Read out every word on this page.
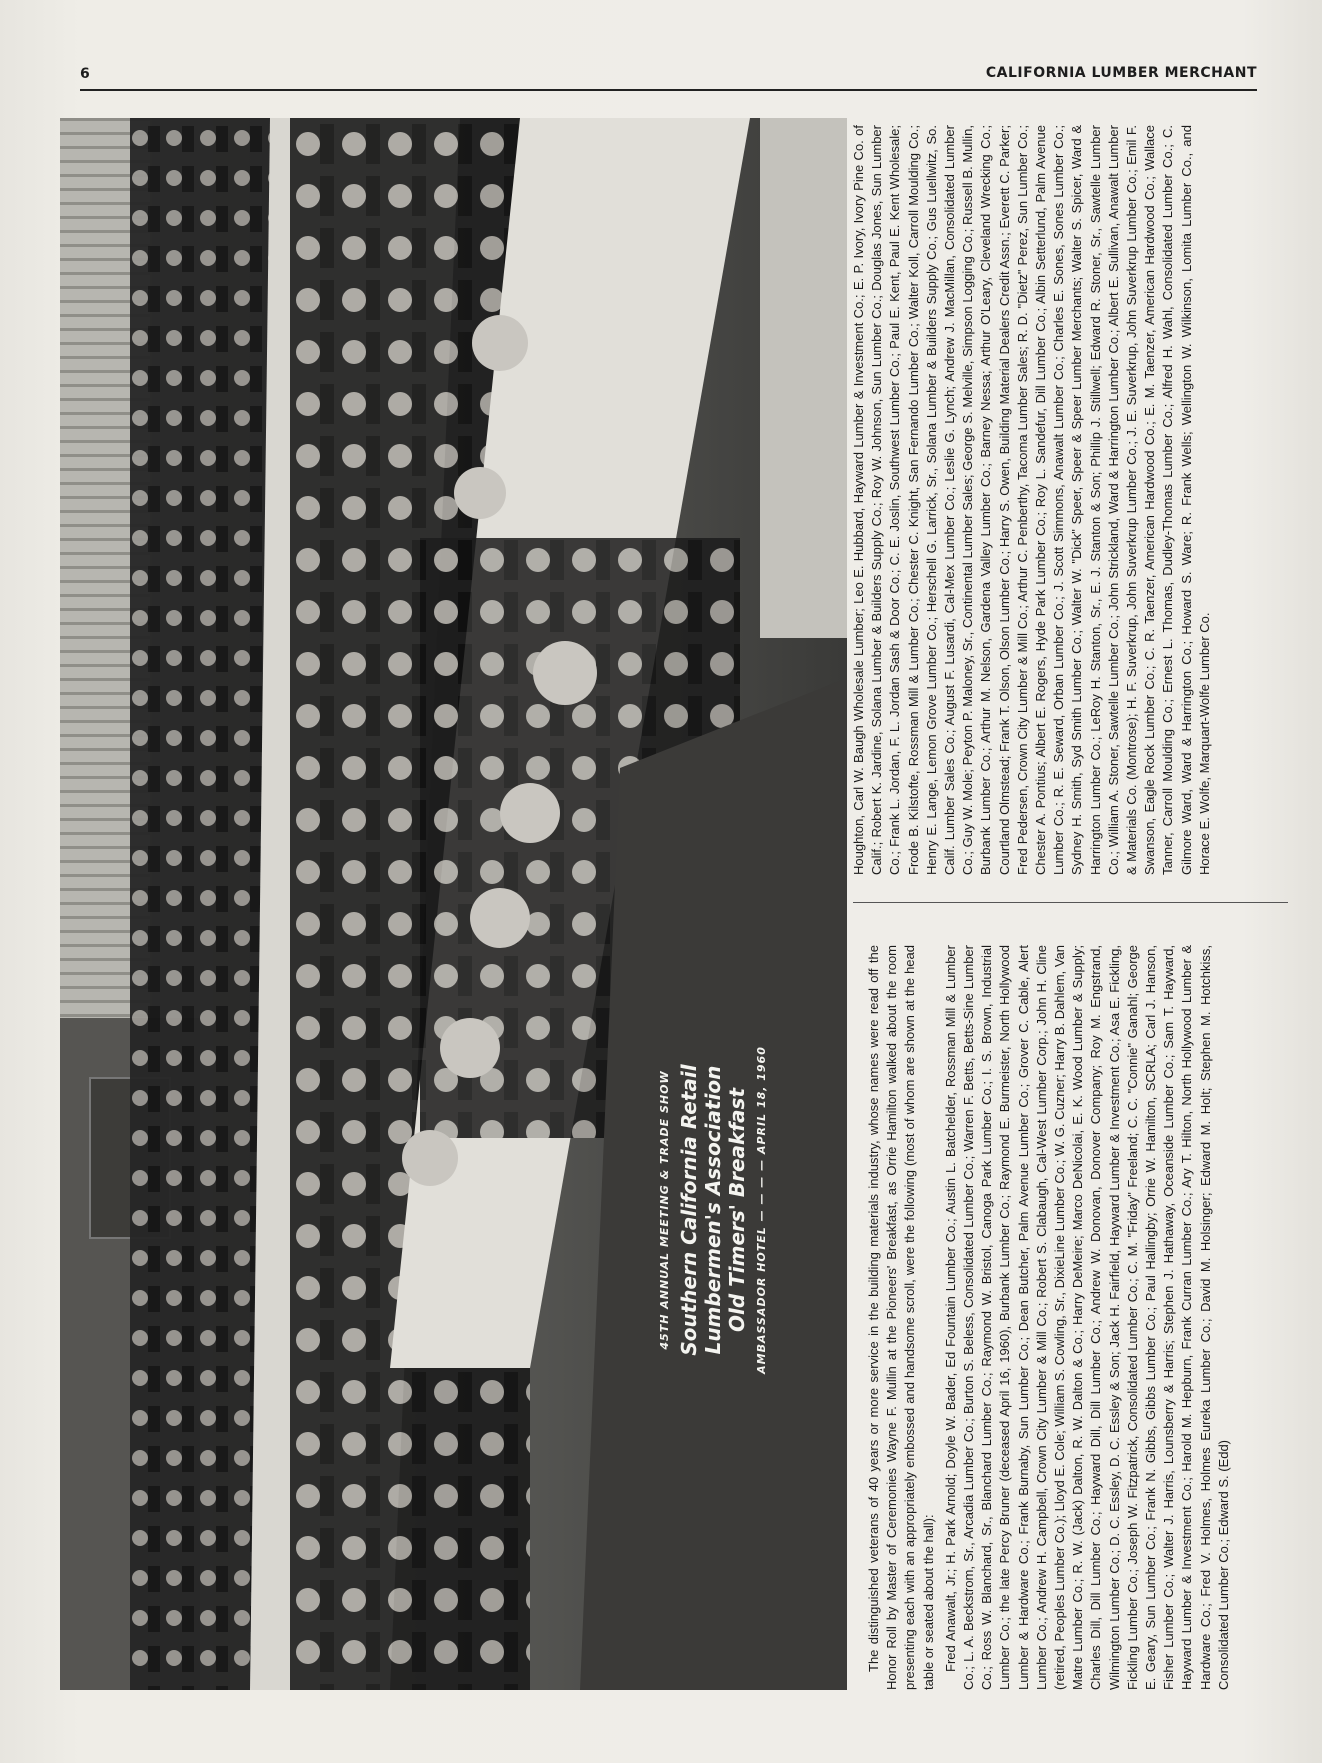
6	CALIFORNIA LUMBER MERCHANT
45TH ANNUAL MEETING & TRADE SHOW Southern California Retail Lumbermen's Association Old Timers' Breakfast AMBASSADOR HOTEL — — — — APRIL 18, 1960	The distinguished veterans of 40 years or more service in the building materials industry, whose names were read off the Honor Roll by Master of Ceremonies Wayne F. Mullin at the Pioneers' Breakfast, as Orrie Hamilton walked about the room presenting each with an appropriately embossed and handsome scroll, were the following (most of whom are shown at the head table or seated about the hall): Fred Anawalt, Jr.; H. Park Arnold; Doyle W. Bader, Ed Fountain Lumber Co.; Austin L. Batchelder, Rossman Mill & Lumber Co.; L. A. Beckstrom, Sr., Arcadia Lumber Co.; Burton S. Beless, Consolidated Lumber Co.; Warren F. Betts, Betts-Sine Lumber Co.; Ross W. Blanchard, Sr., Blanchard Lumber Co.; Raymond W. Bristol, Canoga Park Lumber Co.; I. S. Brown, Industrial Lumber Co.; the late Percy Bruner (deceased April 16, 1960), Burbank Lumber Co.; Raymond E. Burmeister, North Hollywood Lumber & Hardware Co.; Frank Burnaby, Sun Lumber Co.; Dean Butcher, Palm Avenue Lumber Co.; Grover C. Cable, Alert Lumber Co.; Andrew H. Campbell, Crown City Lumber & Mill Co.; Robert S. Clabaugh, Cal-West Lumber Corp.; John H. Cline (retired, Peoples Lumber Co.); Lloyd E. Cole; William S. Cowling, Sr., DixieLine Lumber Co.; W. G. Cuzner; Harry B. Dahlem, Van Matre Lumber Co.; R. W. (Jack) Dalton, R. W. Dalton & Co.; Harry DeMeire; Marco DeNicolai, E. K. Wood Lumber & Supply; Charles Dill, Dill Lumber Co.; Hayward Dill, Dill Lumber Co.; Andrew W. Donovan, Donover Company; Roy M. Engstrand, Wilmington Lumber Co.; D. C. Essley, D. C. Essley & Son; Jack H. Fairfield, Hayward Lumber & Investment Co.; Asa E. Fickling, Fickling Lumber Co.; Joseph W. Fitzpatrick, Consolidated Lumber Co.; C. M. "Friday" Freeland; C. C. "Connie" Ganahl; George E. Geary, Sun Lumber Co.; Frank N. Gibbs, Gibbs Lumber Co.; Paul Hallingby; Orrie W. Hamilton, SCRLA; Carl J. Hanson, Fisher Lumber Co.; Walter J. Harris, Lounsberry & Harris; Stephen J. Hathaway, Oceanside Lumber Co.; Sam T. Hayward, Hayward Lumber & Investment Co.; Harold M. Hepburn, Frank Curran Lumber Co.; Ary T. Hilton, North Hollywood Lumber & Hardware Co.; Fred V. Holmes, Holmes Eureka Lumber Co.; David M. Holsinger; Edward M. Holt; Stephen M. Hotchkiss, Consolidated Lumber Co.; Edward S. (Edd)

Houghton, Carl W. Baugh Wholesale Lumber; Leo E. Hubbard, Hayward Lumber & Investment Co.; E. P. Ivory, Ivory Pine Co. of Calif.; Robert K. Jardine, Solana Lumber & Builders Supply Co.; Roy W. Johnson, Sun Lumber Co.; Douglas Jones, Sun Lumber Co.; Frank L. Jordan, F. L. Jordan Sash & Door Co.; C. E. Joslin, Southwest Lumber Co.; Paul E. Kent, Paul E. Kent Wholesale; Frode B. Kilstofte, Rossman Mill & Lumber Co.; Chester C. Knight, San Fernando Lumber Co.; Walter Koll, Carroll Moulding Co.; Henry E. Lange, Lemon Grove Lumber Co.; Herschell G. Larrick, Sr., Solana Lumber & Builders Supply Co.; Gus Luellwitz, So. Calif. Lumber Sales Co.; August F. Lusardi, Cal-Mex Lumber Co.; Leslie G. Lynch; Andrew J. MacMillan, Consolidated Lumber Co.; Guy W. Mole; Peyton P. Maloney, Sr., Continental Lumber Sales; George S. Melville, Simpson Logging Co.; Russell B. Mullin, Burbank Lumber Co.; Arthur M. Nelson, Gardena Valley Lumber Co.; Barney Nessa; Arthur O'Leary, Cleveland Wrecking Co.; Courtland Olmstead; Frank T. Olson, Olson Lumber Co.; Harry S. Owen, Building Material Dealers Credit Assn.; Everett C. Parker; Fred Pedersen, Crown City Lumber & Mill Co.; Arthur C. Penberthy, Tacoma Lumber Sales; R. D. "Dietz" Perez, Sun Lumber Co.; Chester A. Pontius; Albert E. Rogers, Hyde Park Lumber Co.; Roy L. Sandefur, Dill Lumber Co.; Albin Setterlund, Palm Avenue Lumber Co.; R. E. Seward, Orban Lumber Co.; J. Scott Simmons, Anawalt Lumber Co.; Charles E. Sones, Sones Lumber Co.; Sydney H. Smith, Syd Smith Lumber Co.; Walter W. "Dick" Speer, Speer & Speer Lumber Merchants; Walter S. Spicer, Ward & Harrington Lumber Co.; LeRoy H. Stanton, Sr., E. J. Stanton & Son; Phillip J. Stillwell; Edward R. Stoner, Sr., Sawtelle Lumber Co.; William A. Stoner, Sawtelle Lumber Co.; John Strickland, Ward & Harrington Lumber Co.; Albert E. Sullivan, Anawalt Lumber & Materials Co. (Montrose); H. F. Suverkrup, John Suverkrup Lumber Co.; J. E. Suverkrup, John Suverkrup Lumber Co.; Emil F. Swanson, Eagle Rock Lumber Co.; C. R. Taenzer, American Hardwood Co.; E. M. Taenzer, American Hardwood Co.; Wallace Tanner, Carroll Moulding Co.; Ernest L. Thomas, Dudley-Thomas Lumber Co.; Alfred H. Wahl, Consolidated Lumber Co.; C. Gilmore Ward, Ward & Harrington Co.; Howard S. Ware; R. Frank Wells; Wellington W. Wilkinson, Lomita Lumber Co., and Horace E. Wolfe, Marquart-Wolfe Lumber Co.
